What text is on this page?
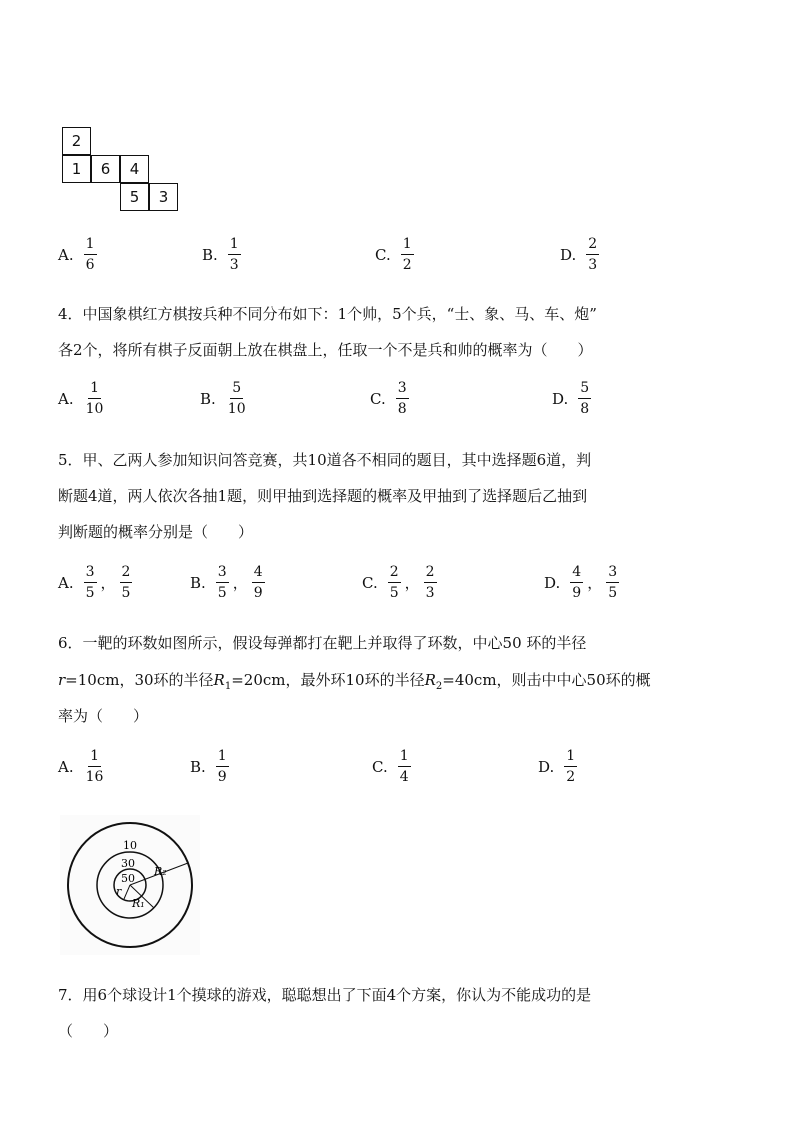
2
1	6	4
5	3
A. $\frac{1}{6}$	B. $\frac{1}{3}$	C. $\frac{1}{2}$	D. $\frac{2}{3}$
4．中国象棋红方棋按兵种不同分布如下：1个帅，5个兵，“士、象、马、车、炮”
各2个，将所有棋子反面朝上放在棋盘上，任取一个不是兵和帅的概率为（　　）
A. $\frac{1}{10}$	B. $\frac{5}{10}$	C. $\frac{3}{8}$	D. $\frac{5}{8}$
5．甲、乙两人参加知识问答竞赛，共10道各不相同的题目，其中选择题6道，判
断题4道，两人依次各抽1题，则甲抽到选择题的概率及甲抽到了选择题后乙抽到
判断题的概率分别是（　　）
A. $\frac{3}{5}$ ， $\frac{2}{5}$	B. $\frac{3}{5}$ ， $\frac{4}{9}$	C. $\frac{2}{5}$ ， $\frac{2}{3}$	D. $\frac{4}{9}$ ， $\frac{3}{5}$
6．一靶的环数如图所示，假设每弹都打在靶上并取得了环数，中心50 环的半径
r=10cm，30环的半径$R_1=20cm$，最外环10环的半径$R_2=40cm$，则击中中心50环的概
率为（　　）
A. $\frac{1}{16}$	B. $\frac{1}{9}$	C. $\frac{1}{4}$	D. $\frac{1}{2}$
10
30
50
r
R₁
R₂
7．用6个球设计1个摸球的游戏，聪聪想出了下面4个方案，你认为不能成功的是
（　　）
